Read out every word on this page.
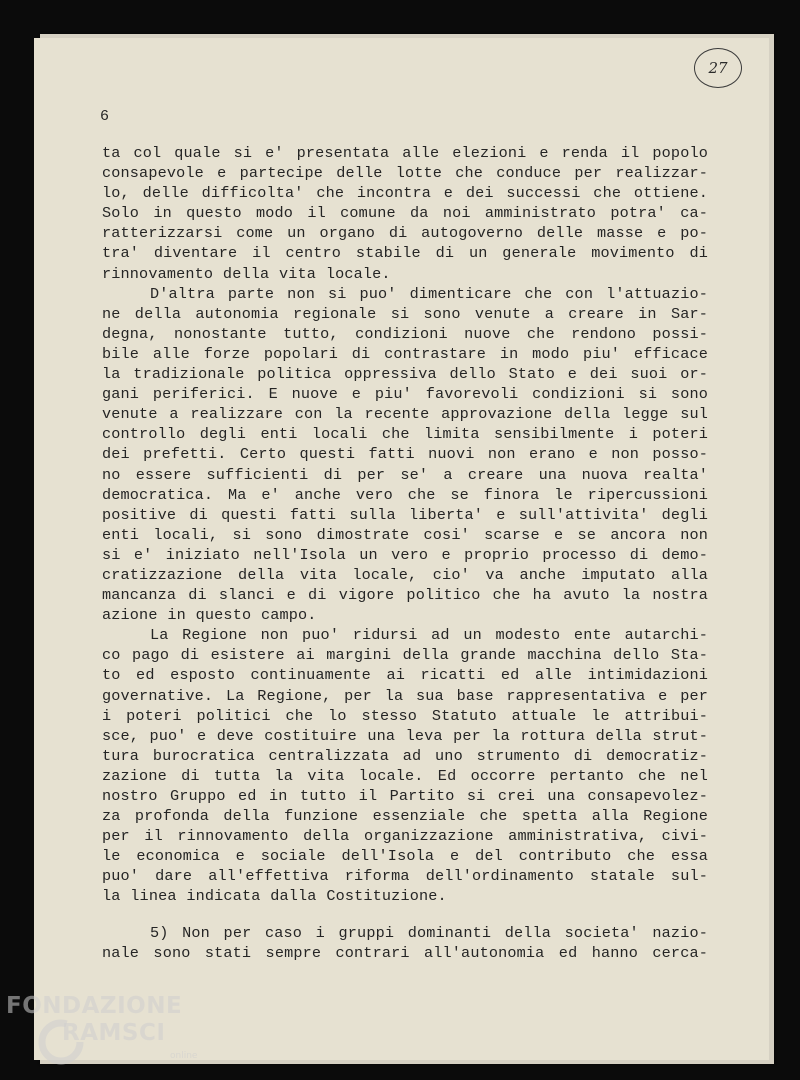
6
27
ta col quale si e' presentata alle elezioni e renda il popolo
consapevole e partecipe delle lotte che conduce per realizzar-
lo, delle difficolta' che incontra e dei successi che ottiene.
Solo in questo modo il comune da noi amministrato potra' ca-
ratterizzarsi come un organo di autogoverno delle masse e po-
tra' diventare il centro stabile di un generale movimento di
rinnovamento della vita locale.
D'altra parte non si puo' dimenticare che con l'attuazio-
ne della autonomia regionale si sono venute a creare in Sar-
degna, nonostante tutto, condizioni nuove che rendono possi-
bile alle forze popolari di contrastare in modo piu' efficace
la tradizionale politica oppressiva dello Stato e dei suoi or-
gani periferici. E nuove e piu' favorevoli condizioni si sono
venute a realizzare con la recente approvazione della legge sul
controllo degli enti locali che limita sensibilmente i poteri
dei prefetti. Certo questi fatti nuovi non erano e non posso-
no essere sufficienti di per se' a creare una nuova realta'
democratica. Ma e' anche vero che se finora le ripercussioni
positive di questi fatti sulla liberta' e sull'attivita' degli
enti locali, si sono dimostrate cosi' scarse e se ancora non
si e' iniziato nell'Isola un vero e proprio processo di demo-
cratizzazione della vita locale, cio' va anche imputato alla
mancanza di slanci e di vigore politico che ha avuto la nostra
azione in questo campo.
La Regione non puo' ridursi ad un modesto ente autarchi-
co pago di esistere ai margini della grande macchina dello Sta-
to ed esposto continuamente ai ricatti ed alle intimidazioni
governative. La Regione, per la sua base rappresentativa e per
i poteri politici che lo stesso Statuto attuale le attribui-
sce, puo' e deve costituire una leva per la rottura della strut-
tura burocratica centralizzata ad uno strumento di democratiz-
zazione di tutta la vita locale. Ed occorre pertanto che nel
nostro Gruppo ed in tutto il Partito si crei una consapevolez-
za profonda della funzione essenziale che spetta alla Regione
per il rinnovamento della organizzazione amministrativa, civi-
le economica e sociale dell'Isola e del contributo che essa
puo' dare all'effettiva riforma dell'ordinamento statale sul-
la linea indicata dalla Costituzione.
5) Non per caso i gruppi dominanti della societa' nazio-
nale sono stati sempre contrari all'autonomia ed hanno cerca-
FONDAZIONE
RAMSCI
online
